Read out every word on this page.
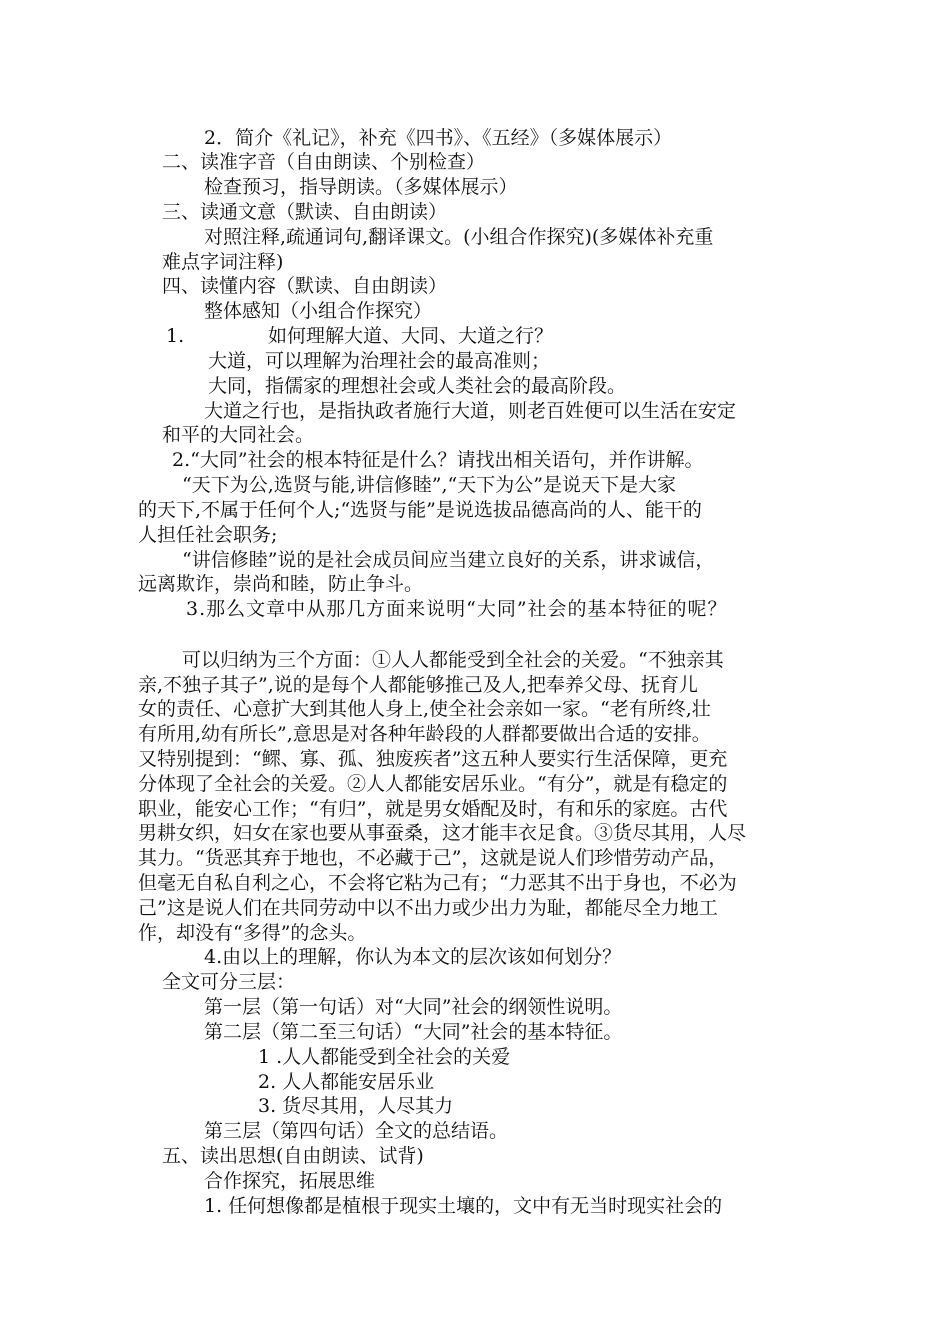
2．简介《礼记》，补充《四书》、《五经》（多媒体展示）
二、读准字音（自由朗读、个别检查）
检查预习，指导朗读。（多媒体展示）
三、读通文意（默读、自由朗读）
对照注释,疏通词句,翻译课文。(小组合作探究)(多媒体补充重
难点字词注释)
四、读懂内容（默读、自由朗读）
整体感知（小组合作探究）
1.	如何理解大道、大同、大道之行？
大道，可以理解为治理社会的最高准则；
大同，指儒家的理想社会或人类社会的最高阶段。
大道之行也，是指执政者施行大道，则老百姓便可以生活在安定
和平的大同社会。
2.“大同”社会的根本特征是什么？请找出相关语句，并作讲解。
“天下为公,选贤与能,讲信修睦”,“天下为公”是说天下是大家
的天下,不属于任何个人;“选贤与能”是说选拔品德高尚的人、能干的
人担任社会职务;
“讲信修睦”说的是社会成员间应当建立良好的关系，讲求诚信，
远离欺诈，崇尚和睦，防止争斗。
3.那么文章中从那几方面来说明“大同”社会的基本特征的呢？
可以归纳为三个方面：①人人都能受到全社会的关爱。“不独亲其
亲,不独子其子”,说的是每个人都能够推己及人,把奉养父母、抚育儿
女的责任、心意扩大到其他人身上,使全社会亲如一家。“老有所终,壮
有所用,幼有所长”,意思是对各种年龄段的人群都要做出合适的安排。
又特别提到：“鳏、寡、孤、独废疾者”这五种人要实行生活保障，更充
分体现了全社会的关爱。②人人都能安居乐业。“有分”，就是有稳定的
职业，能安心工作；“有归”，就是男女婚配及时，有和乐的家庭。古代
男耕女织，妇女在家也要从事蚕桑，这才能丰衣足食。③货尽其用，人尽
其力。“货恶其弃于地也，不必藏于己”，这就是说人们珍惜劳动产品，
但毫无自私自利之心，不会将它粘为己有；“力恶其不出于身也，不必为
己”这是说人们在共同劳动中以不出力或少出力为耻，都能尽全力地工
作，却没有“多得”的念头。
4.由以上的理解，你认为本文的层次该如何划分？
全文可分三层：
第一层（第一句话）对“大同”社会的纲领性说明。
第二层（第二至三句话）“大同”社会的基本特征。
1 .人人都能受到全社会的关爱
2. 人人都能安居乐业
3. 货尽其用，人尽其力
第三层（第四句话）全文的总结语。
五、读出思想(自由朗读、试背)
合作探究，拓展思维
1. 任何想像都是植根于现实土壤的，文中有无当时现实社会的
